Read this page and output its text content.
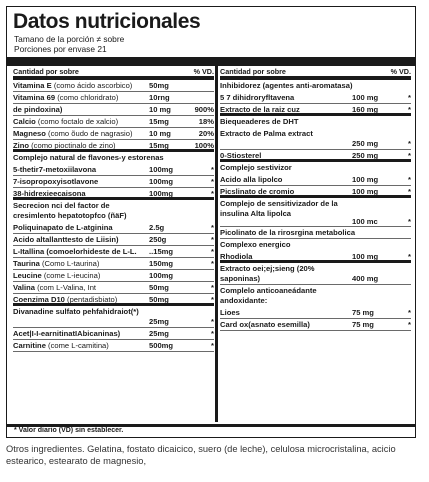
Datos nutricionales
Tamano de la porción ≠ sobre
Porciones por envase 21
Cantidad por sobre	% VD.
Vitamina E (como ácido ascorbico)	50mg
Vitamina 69 (como chloridrato)	10rng
de pindoxina)	10 mg	900%
Calcio (como foctalo de xalcio)	15mg	18%
Magneso (como õudo de nagrasio)	10 mg	20%
Zino (como pioctinalo de zino)	15mg	100%
Complejo natural de flavones-y estorenas
5-thetir7-metoxiilavona	100mg	*
7-isopropoxyisotlavone	100mg	*
38-hidrexieecaisona	100mg	*
Secrecion nci del factor de cresimlento hepatotopfco (ñäF)
Poliquinapato de L-atginina	2.5g	*
Acido altallanttesto de Liisin)	250g	*
L-Itallina (comoelorhideste de L-L.	..15mg	*
Taurina (Como L-taurina)	150mg	*
Leucine (come L-ieucina)	100mg
Valina (com L-Valina, Int	50mg	*
Coenzima D10 (pentadisbiato)	50mg	*
Divanadine sulfato pehfahidraiot(*)
25mg	*
Acet|I-I-earnitinatIAbicaninas)	25mg	*
Carnitine (come L-camitina)	500mg	*
Cantidad por sobre	% VD.
Inhibidorez (agentes anti-aromatasa)
5 7 dihidroryfltavena	100 mg	*
Extracto de la raiz cuz	160 mg	*
Biequeaderes de DHT
Extracto de Palma extract
250 mg	*
0-Stiosterel	250 mg	*
Complejo sestivizor
Acido alla lipolco	100 mg	*
Picslinato de cromio	100 mg	*
Complejo de sensitivizador de la insulina Alta lipolca
100 mc	*
Picolinato de la rirosrgina metabolica
Complexo energico
Rhodiola	100 mg	*
Extracto oei;ej;sieng (20% saponinas)	400 mg
Complelo anticoaneádante andoxidante:
Lioes	75 mg	*
Card ox(asnato esemilla)	75 mg	*
* Valor diario (VD) sin establecer.
Otros ingredientes. Gelatina, fostato dicaicico, suero (de leche), celulosa microcristalina, acicio estearico, estearato de magnesio,
